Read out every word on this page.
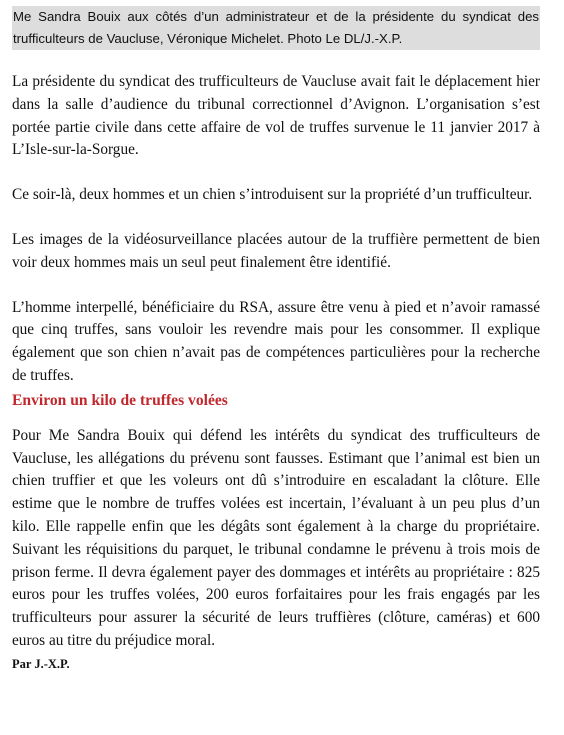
Me Sandra Bouix aux côtés d’un administrateur et de la présidente du syndicat des trufficulteurs de Vaucluse, Véronique Michelet. Photo Le DL/J.-X.P.

La présidente du syndicat des trufficulteurs de Vaucluse avait fait le déplacement hier dans la salle d’audience du tribunal correctionnel d’Avignon. L’organisation s’est portée partie civile dans cette affaire de vol de truffes survenue le 11 janvier 2017 à L’Isle-sur-la-Sorgue.

Ce soir-là, deux hommes et un chien s’introduisent sur la propriété d’un trufficulteur.

Les images de la vidéosurveillance placées autour de la truffière permettent de bien voir deux hommes mais un seul peut finalement être identifié.

L’homme interpellé, bénéficiaire du RSA, assure être venu à pied et n’avoir ramassé que cinq truffes, sans vouloir les revendre mais pour les consommer. Il explique également que son chien n’avait pas de compétences particulières pour la recherche de truffes.

Environ un kilo de truffes volées

Pour Me Sandra Bouix qui défend les intérêts du syndicat des trufficulteurs de Vaucluse, les allégations du prévenu sont fausses. Estimant que l’animal est bien un chien truffier et que les voleurs ont dû s’introduire en escaladant la clôture. Elle estime que le nombre de truffes volées est incertain, l’évaluant à un peu plus d’un kilo. Elle rappelle enfin que les dégâts sont également à la charge du propriétaire. Suivant les réquisitions du parquet, le tribunal condamne le prévenu à trois mois de prison ferme. Il devra également payer des dommages et intérêts au propriétaire : 825 euros pour les truffes volées, 200 euros forfaitaires pour les frais engagés par les trufficulteurs pour assurer la sécurité de leurs truffières (clôture, caméras) et 600 euros au titre du préjudice moral.

Par J.-X.P.
